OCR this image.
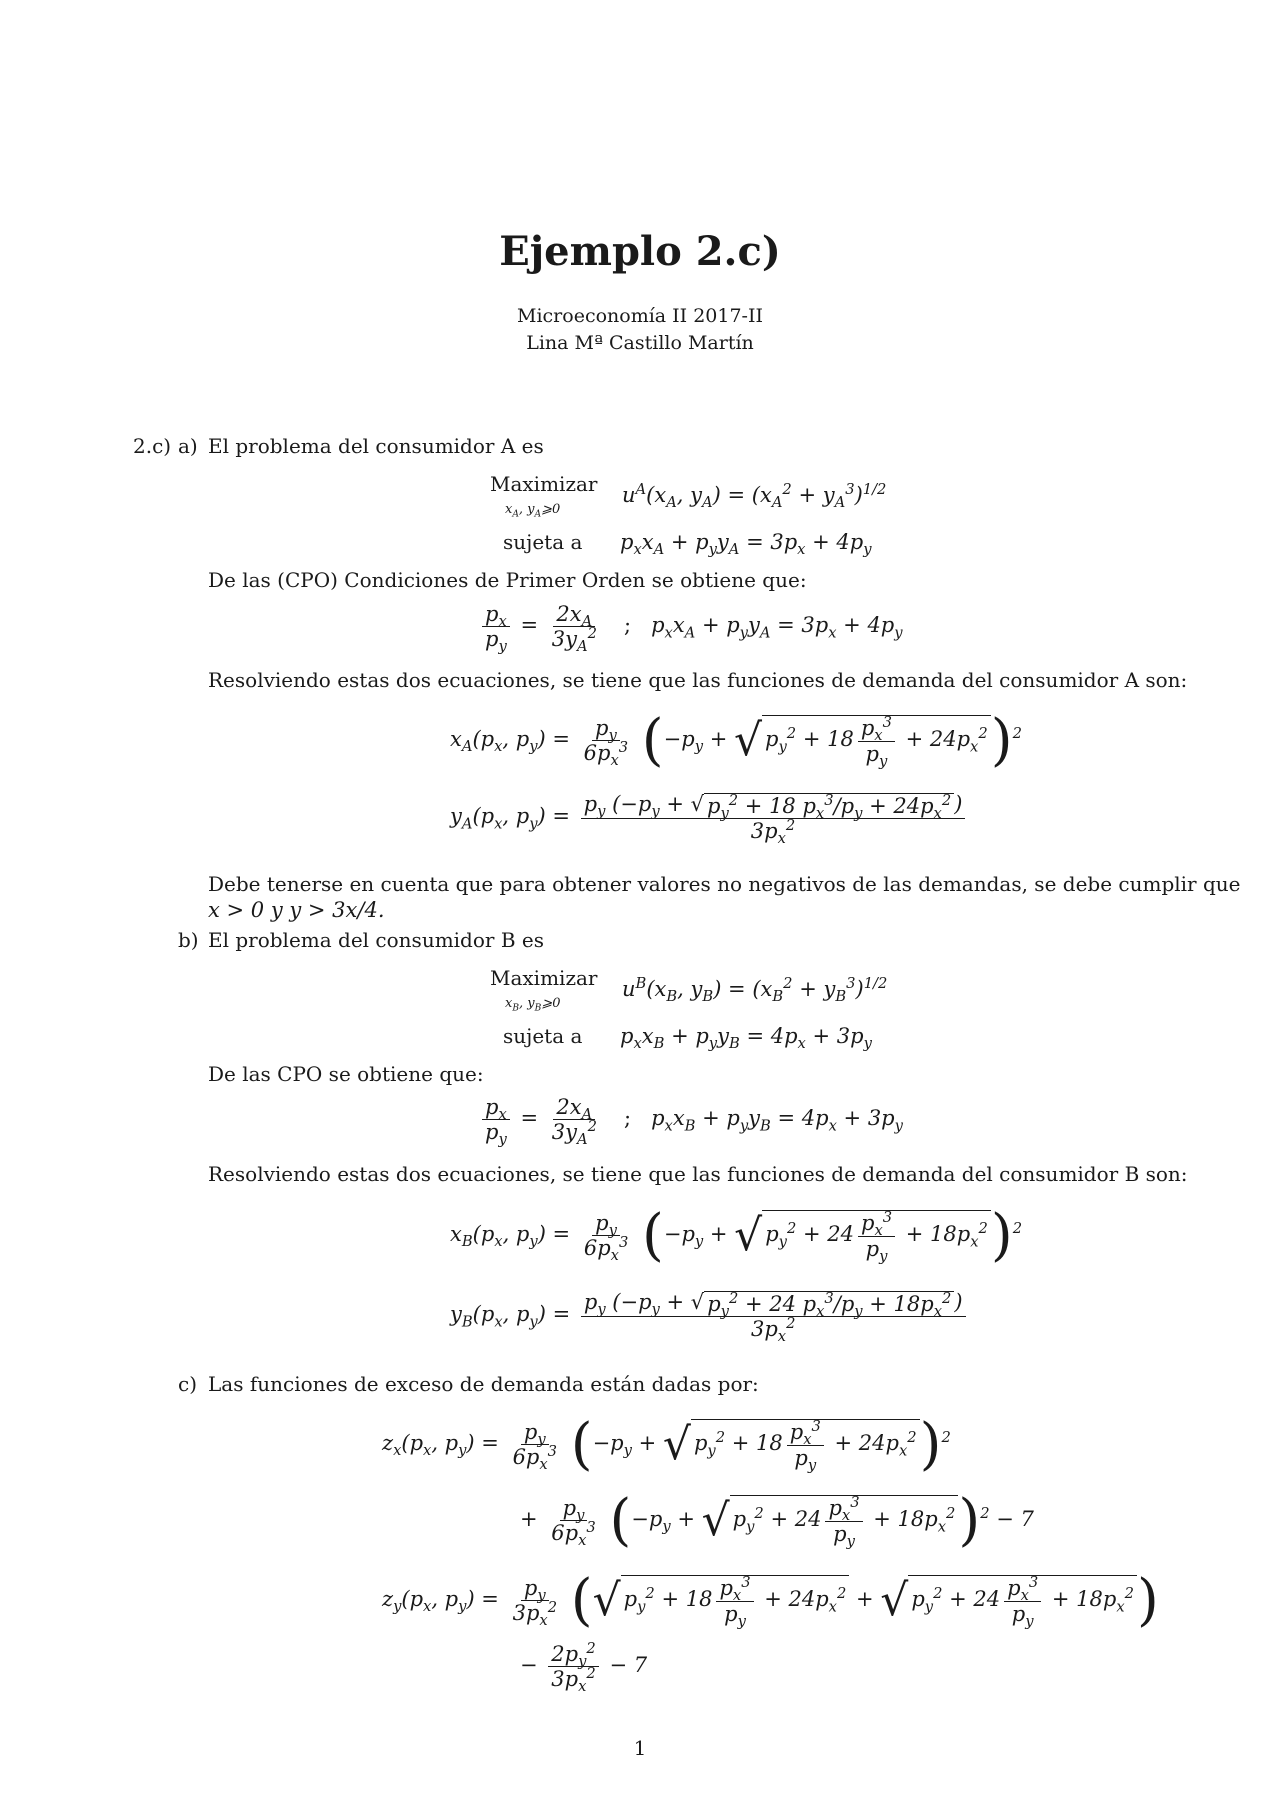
Ejemplo 2.c)
Microeconomía II 2017-II
Lina Mª Castillo Martín
2.c) a) El problema del consumidor A es
Maximizar
$x_A$, $y_A⩾0$
$u^A(x_A$, $y_A) = (x_A^2 + y_A^3)^{1/2}$
sujeta a $p_xx_A + p_yy_A = 3p_x + 4p_y$
De las (CPO) Condiciones de Primer Orden se obtiene que:
$\frac{p_x}{p_y} = \frac{2x_A}{3y_A^2}$ ;   $p_xx_A + p_yy_A = 3p_x + 4p_y$
Resolviendo estas dos ecuaciones, se tiene que las funciones de demanda del consumidor A son:
$x_A(p_x$, $p_y) = \frac{p_y}{6p_x^3} (-p_y$ + √ $p_y^2 + 18 \frac{p_x^3}{p_y} + 24p_x^2)^2$
$y_A(p_x$, $p_y) = \frac{p_y (-p_y + √ p_y^2 + 18 p_x^3/p_y + 24p_x^2 )}{3p_x^2}$
Debe tenerse en cuenta que para obtener valores no negativos de las demandas, se debe cumplir que
x > 0 y y > 3x/4.
b) El problema del consumidor B es
Maximizar
$x_B$, $y_B⩾0$
$u^B(x_B$, $y_B) = (x_B^2 + y_B^3)^{1/2}$
sujeta a $p_xx_B + p_yy_B = 4p_x + 3p_y$
De las CPO se obtiene que:
$\frac{p_x}{p_y} = \frac{2x_A}{3y_A^2}$ ;   $p_xx_B + p_yy_B = 4p_x + 3p_y$
Resolviendo estas dos ecuaciones, se tiene que las funciones de demanda del consumidor B son:
$x_B(p_x$, $p_y) = \frac{p_y}{6p_x^3} (-p_y$ + √ $p_y^2 + 24 \frac{p_x^3}{p_y} + 18p_x^2)^2$
$y_B(p_x$, $p_y) = \frac{p_y (-p_y + √ p_y^2 + 24 p_x^3/p_y + 18p_x^2 )}{3p_x^2}$
c) Las funciones de exceso de demanda están dadas por:
$z_x(p_x$, $p_y) = \frac{p_y}{6p_x^3} (-p_y$ + √ $p_y^2 + 18 \frac{p_x^3}{p_y} + 24p_x^2)^2$
+ $\frac{p_y}{6p_x^3} (-p_y$ + √ $p_y^2 + 24 \frac{p_x^3}{p_y} + 18p_x^2)^2 - 7$
$z_y(p_x$, $p_y) = \frac{p_y}{3p_x^2}$ (√ $p_y^2 + 18 \frac{p_x^3}{p_y} + 24p_x^2$ + √ $p_y^2 + 24 \frac{p_x^3}{p_y} + 18p_x^2$)
− $\frac{2p_y^2}{3p_x^2} - 7$
1
